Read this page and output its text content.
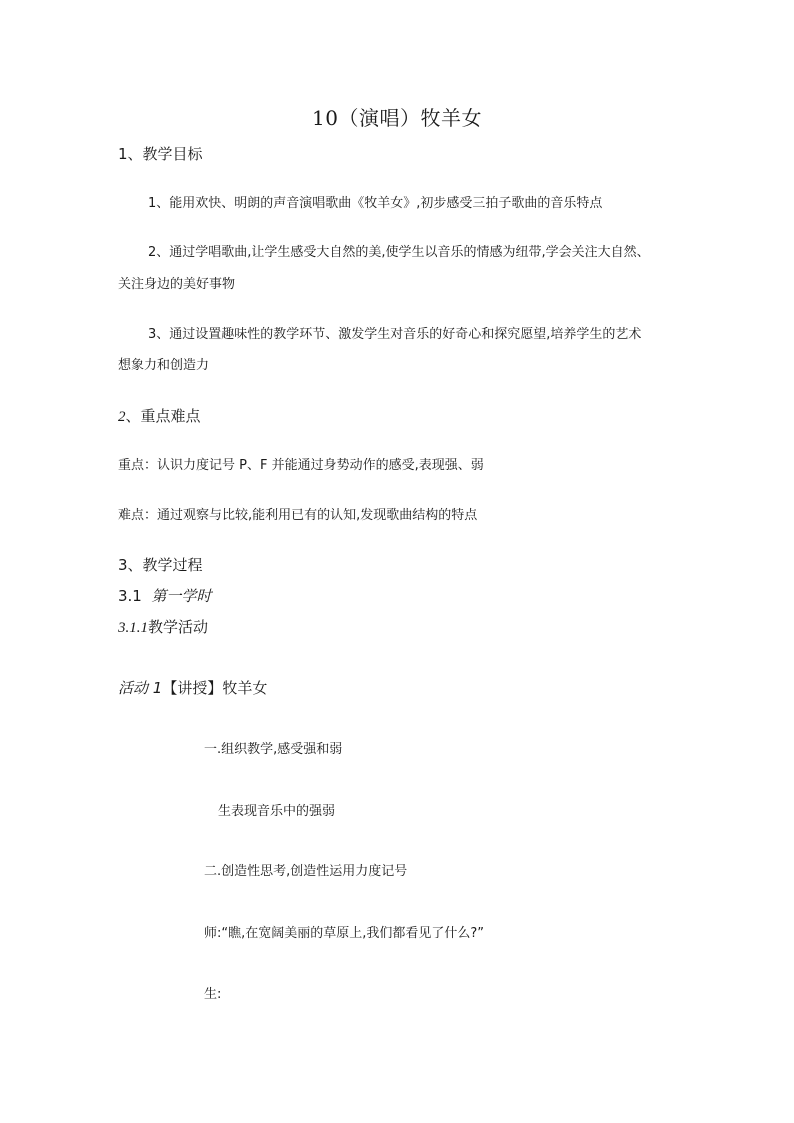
10（演唱）牧羊女
1、教学目标
1、能用欢快、明朗的声音演唱歌曲《牧羊女》,初步感受三拍子歌曲的音乐特点
2、通过学唱歌曲,让学生感受大自然的美,使学生以音乐的情感为纽带,学会关注大自然、
关注身边的美好事物
3、通过设置趣味性的教学环节、激发学生对音乐的好奇心和探究愿望,培养学生的艺术
想象力和创造力
2、重点难点
重点：认识力度记号 P、F 并能通过身势动作的感受,表现强、弱
难点：通过观察与比较,能利用已有的认知,发现歌曲结构的特点
3、教学过程
3.1 第一学时
3.1.1教学活动
活动 1【讲授】牧羊女
一.组织教学,感受强和弱
生表现音乐中的强弱
二.创造性思考,创造性运用力度记号
师:“瞧,在宽阔美丽的草原上,我们都看见了什么?”
生:
